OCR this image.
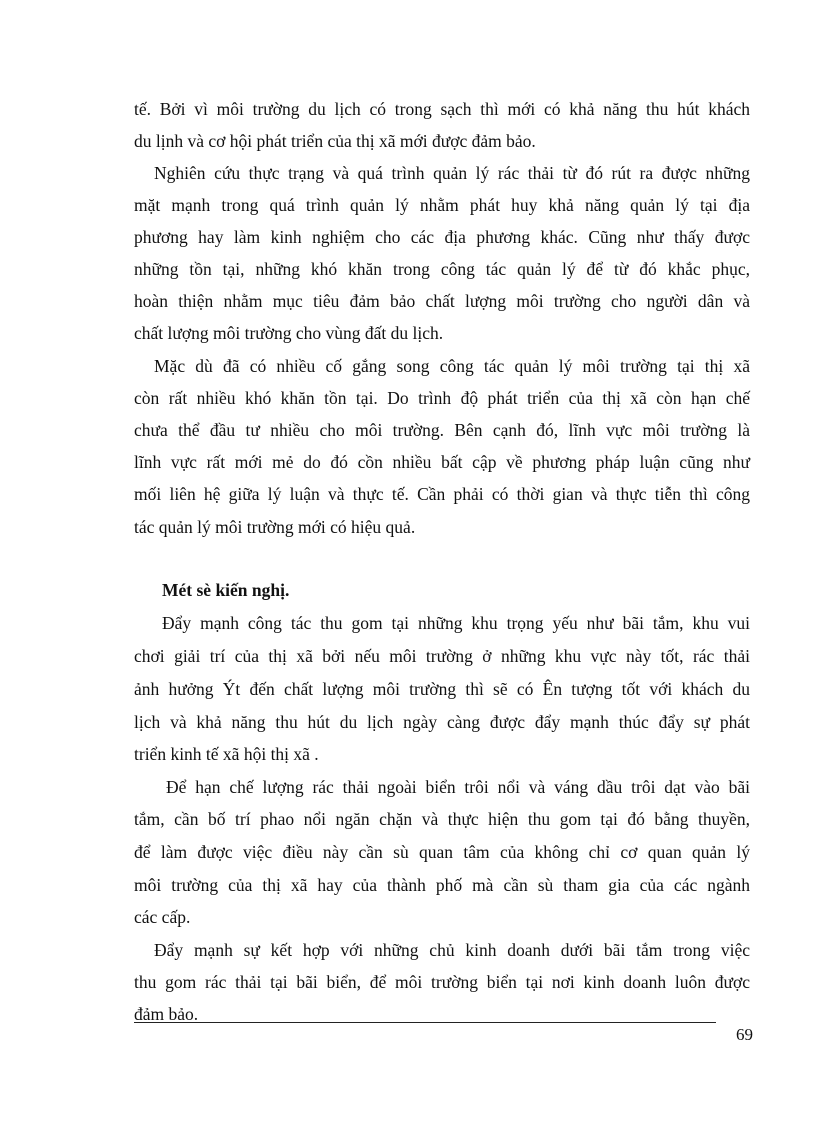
tế. Bởi vì môi trường du lịch có trong sạch thì mới có khả năng thu hút khách
du lịnh và cơ hội phát triển của thị xã mới được đảm bảo.
Nghiên cứu thực trạng và quá trình quản lý rác thải từ đó rút ra được những
mặt mạnh trong quá trình quản lý nhằm phát huy khả năng quản lý tại địa
phương hay làm kinh nghiệm cho các địa phương khác. Cũng như thấy được
những tồn tại, những khó khăn trong công tác quản lý để từ đó khắc phục,
hoàn thiện nhằm mục tiêu đảm bảo chất lượng môi trường cho người dân và
chất lượng môi trường cho vùng đất du lịch.
Mặc dù đã có nhiều cố gắng song công tác quản lý môi trường tại thị xã
còn rất nhiều khó khăn tồn tại. Do trình độ phát triển của thị xã còn hạn chế
chưa thể đầu tư nhiều cho môi trường. Bên cạnh đó, lĩnh vực môi trường là
lĩnh vực rất mới mẻ do đó cồn nhiều bất cập về phương pháp luận cũng như
mối liên hệ giữa lý luận và thực tế. Cần phải có thời gian và thực tiễn thì công
tác quản lý môi trường mới có hiệu quả.
Mét sè kiến nghị.
Đẩy mạnh công tác thu gom tại những khu trọng yếu như bãi tắm, khu vui
chơi giải trí của thị xã bởi nếu môi trường ở những khu vực này tốt, rác thải
ảnh hưởng Ýt đến chất lượng môi trường thì sẽ có Ên tượng tốt với khách du
lịch và khả năng thu hút du lịch ngày càng được đẩy mạnh thúc đẩy sự phát
triển kinh tế xã hội thị xã .
Để hạn chế lượng rác thải ngoài biển trôi nổi và váng dầu trôi dạt vào bãi
tắm, cần bố trí phao nổi ngăn chặn và thực hiện thu gom tại đó bằng thuyền,
để làm được việc điều này cần sù quan tâm của không chỉ cơ quan quản lý
môi trường của thị xã hay của thành phố mà cần sù tham gia của các ngành
các cấp.
Đẩy mạnh sự kết hợp với những chủ kinh doanh dưới bãi tắm trong việc
thu gom rác thải tại bãi biển, để môi trường biển tại nơi kinh doanh luôn được
đảm bảo.
69
